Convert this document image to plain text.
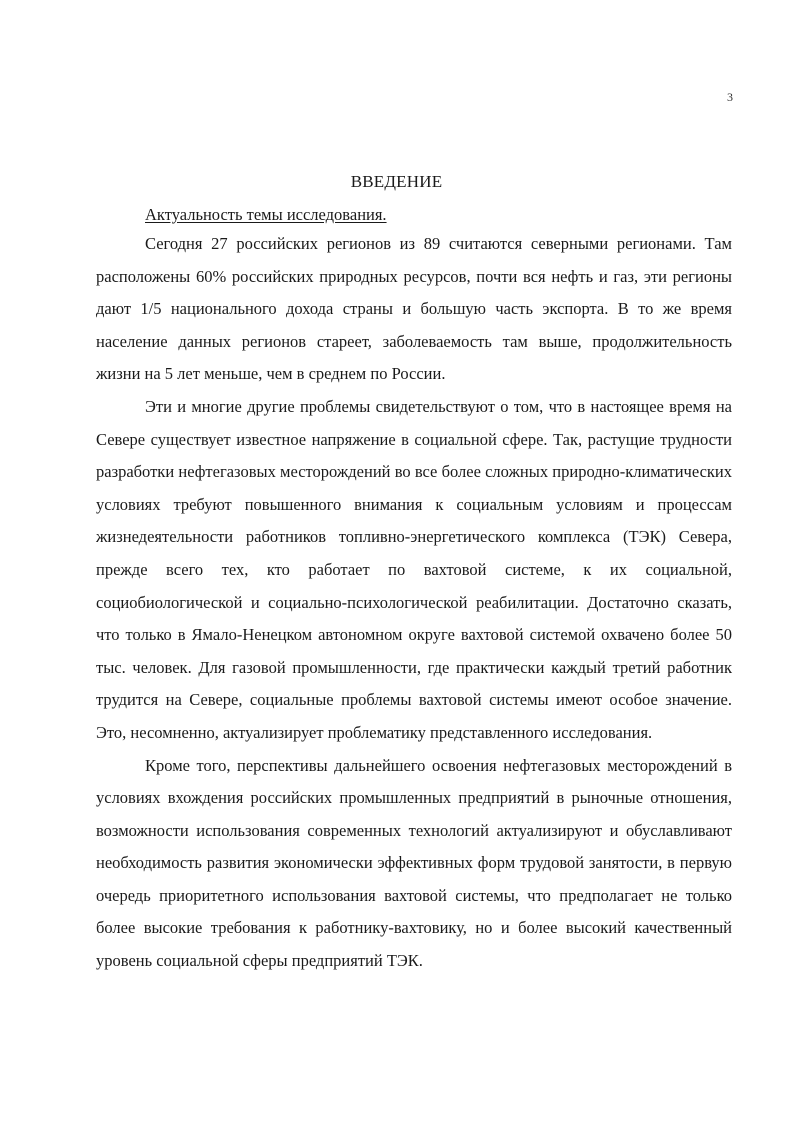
3
ВВЕДЕНИЕ
Актуальность темы исследования.

Сегодня 27 российских регионов из 89 считаются северными регионами. Там расположены 60% российских природных ресурсов, почти вся нефть и газ, эти регионы дают 1/5 национального дохода страны и большую часть экспорта. В то же время население данных регионов стареет, заболеваемость там выше, продолжительность жизни на 5 лет меньше, чем в среднем по России.

Эти и многие другие проблемы свидетельствуют о том, что в настоящее время на Севере существует известное напряжение в социальной сфере. Так, растущие трудности разработки нефтегазовых месторождений во все более сложных природно-климатических условиях требуют повышенного внимания к социальным условиям и процессам жизнедеятельности работников топливно-энергетического комплекса (ТЭК) Севера, прежде всего тех, кто работает по вахтовой системе, к их социальной, социобиологической и социально-психологической реабилитации. Достаточно сказать, что только в Ямало-Ненецком автономном округе вахтовой системой охвачено более 50 тыс. человек. Для газовой промышленности, где практически каждый третий работник трудится на Севере, социальные проблемы вахтовой системы имеют особое значение. Это, несомненно, актуализирует проблематику представленного исследования.

Кроме того, перспективы дальнейшего освоения нефтегазовых месторождений в условиях вхождения российских промышленных предприятий в рыночные отношения, возможности использования современных технологий актуализируют и обуславливают необходимость развития экономически эффективных форм трудовой занятости, в первую очередь приоритетного использования вахтовой системы, что предполагает не только более высокие требования к работнику-вахтовику, но и более высокий качественный уровень социальной сферы предприятий ТЭК.
